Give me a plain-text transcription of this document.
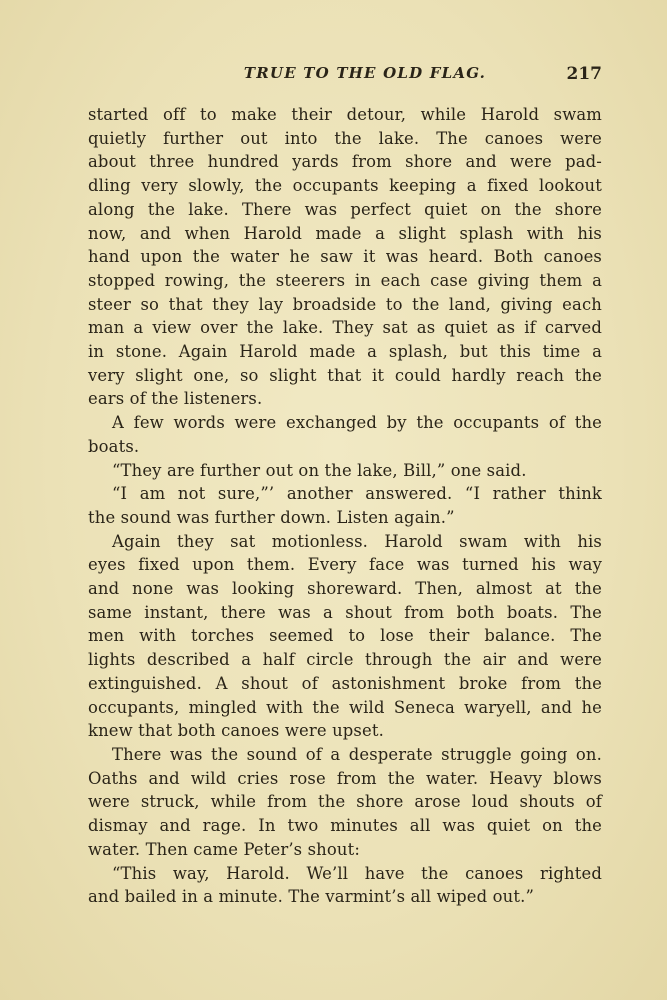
TRUE TO THE OLD FLAG.	217

started off to make their detour, while Harold swam
quietly further out into the lake. The canoes were
about three hundred yards from shore and were pad-
dling very slowly, the occupants keeping a fixed lookout
along the lake. There was perfect quiet on the shore
now, and when Harold made a slight splash with his
hand upon the water he saw it was heard. Both canoes
stopped rowing, the steerers in each case giving them a
steer so that they lay broadside to the land, giving each
man a view over the lake. They sat as quiet as if carved
in stone. Again Harold made a splash, but this time a
very slight one, so slight that it could hardly reach the
ears of the listeners.

A few words were exchanged by the occupants of the
boats.

“They are further out on the lake, Bill,” one said.

“I am not sure,”’ another answered. “I rather think
the sound was further down. Listen again.”

Again they sat motionless. Harold swam with his
eyes fixed upon them. Every face was turned his way
and none was looking shoreward. Then, almost at the
same instant, there was a shout from both boats. The
men with torches seemed to lose their balance. The
lights described a half circle through the air and were
extinguished. A shout of astonishment broke from the
occupants, mingled with the wild Seneca waryell, and he
knew that both canoes were upset.

There was the sound of a desperate struggle going on.
Oaths and wild cries rose from the water. Heavy blows
were struck, while from the shore arose loud shouts of
dismay and rage. In two minutes all was quiet on the
water. Then came Peter’s shout:

“This way, Harold. We’ll have the canoes righted
and bailed in a minute. The varmint’s all wiped out.”
